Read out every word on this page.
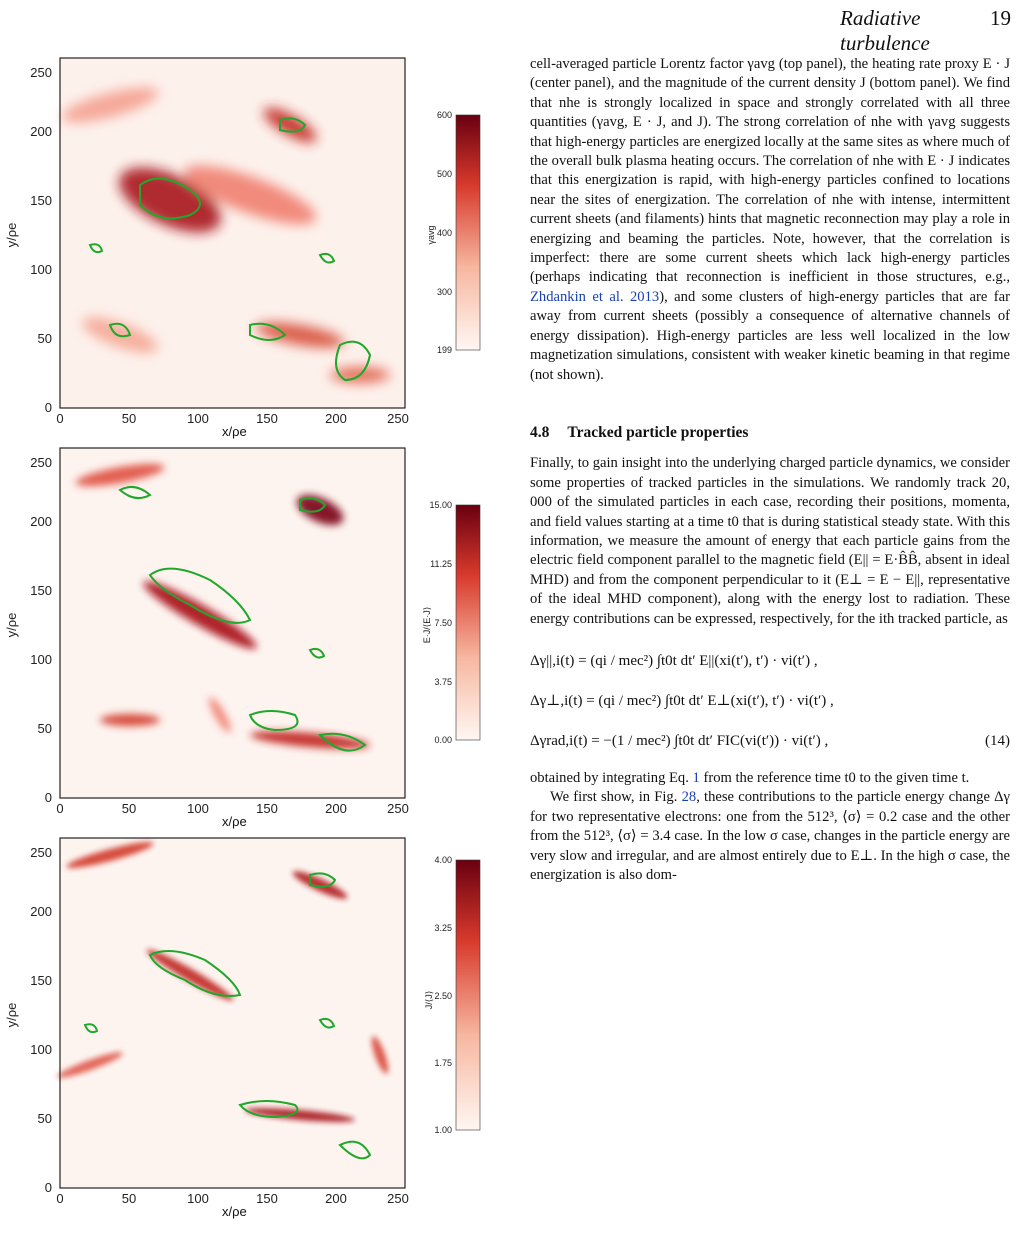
Radiative turbulence
19
0
50
100
150
200
250
0	50	100	150	200	250
y/ρe
600
500
400
300
199
γavg
x/ρe
0
50
100
150
200
250
0	50	100	150	200	250
y/ρe
15.00
11.25
7.50
3.75
0.00
E·J/⟨E·J⟩
x/ρe
0
50
100
150
200
250
0	50	100	150	200	250
y/ρe
4.00
3.25
2.50
1.75
1.00
J/⟨J⟩
x/ρe

cell-averaged particle Lorentz factor γavg (top panel), the heating rate proxy E · J (center panel), and the magnitude of the current density J (bottom panel). We find that nhe is strongly localized in space and strongly correlated with all three quantities (γavg, E · J, and J). The strong correlation of nhe with γavg suggests that high-energy particles are energized locally at the same sites as where much of the overall bulk plasma heating occurs. The correlation of nhe with E · J indicates that this energization is rapid, with high-energy particles confined to locations near the sites of energization. The correlation of nhe with intense, intermittent current sheets (and filaments) hints that magnetic reconnection may play a role in energizing and beaming the particles. Note, however, that the correlation is imperfect: there are some current sheets which lack high-energy particles (perhaps indicating that reconnection is inefficient in those structures, e.g., Zhdankin et al. 2013), and some clusters of high-energy particles that are far away from current sheets (possibly a consequence of alternative channels of energy dissipation). High-energy particles are less well localized in the low magnetization simulations, consistent with weaker kinetic beaming in that regime (not shown).

4.8 Tracked particle properties

Finally, to gain insight into the underlying charged particle dynamics, we consider some properties of tracked particles in the simulations. We randomly track 20, 000 of the simulated particles in each case, recording their positions, momenta, and field values starting at a time t0 that is during statistical steady state. With this information, we measure the amount of energy that each particle gains from the electric field component parallel to the magnetic field (E|| = E·B̂B̂, absent in ideal MHD) and from the component perpendicular to it (E⊥ = E − E||, representative of the ideal MHD component), along with the energy lost to radiation. These energy contributions can be expressed, respectively, for the ith tracked particle, as

Δγ||,i(t) = (qi / mec²) ∫t0t dt′ E||(xi(t′), t′) · vi(t′) ,
Δγ⊥,i(t) = (qi / mec²) ∫t0t dt′ E⊥(xi(t′), t′) · vi(t′) ,
Δγrad,i(t) = −(1 / mec²) ∫t0t dt′ FIC(vi(t′)) · vi(t′) ,	(14)

obtained by integrating Eq. 1 from the reference time t0 to the given time t.

We first show, in Fig. 28, these contributions to the particle energy change Δγ for two representative electrons: one from the 512³, ⟨σ⟩ = 0.2 case and the other from the 512³, ⟨σ⟩ = 3.4 case. In the low σ case, changes in the particle energy are very slow and irregular, and are almost entirely due to E⊥. In the high σ case, the energization is also dom-
